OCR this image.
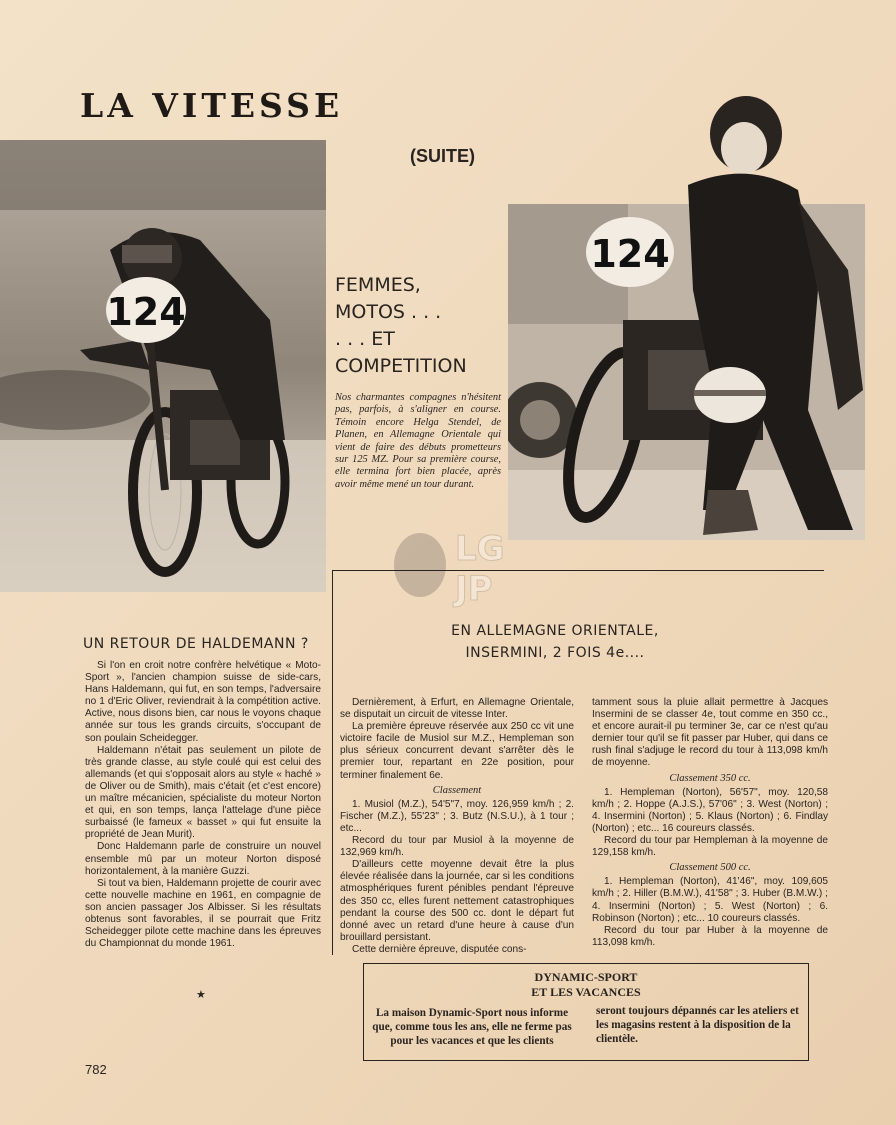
LA VITESSE
(SUITE)
124
FEMMES,
MOTOS . . .
. . . ET
COMPETITION
Nos charmantes compagnes n'hésitent pas, parfois, à s'aligner en course. Témoin encore Helga Stendel, de Planen, en Allemagne Orientale qui vient de faire des débuts prometteurs sur 125 MZ. Pour sa première course, elle termina fort bien placée, après avoir même mené un tour durant.
124
LG
JP
UN RETOUR DE HALDEMANN ?

Si l'on en croit notre confrère helvétique « Moto-Sport », l'ancien champion suisse de side-cars, Hans Haldemann, qui fut, en son temps, l'adversaire no 1 d'Eric Oliver, reviendrait à la compétition active. Active, nous disons bien, car nous le voyons chaque année sur tous les grands circuits, s'occupant de son poulain Scheidegger.

Haldemann n'était pas seulement un pilote de très grande classe, au style coulé qui est celui des allemands (et qui s'opposait alors au style « haché » de Oliver ou de Smith), mais c'était (et c'est encore) un maître mécanicien, spécialiste du moteur Norton et qui, en son temps, lança l'attelage d'une pièce surbaissé (le fameux « basset » qui fut ensuite la propriété de Jean Murit).

Donc Haldemann parle de construire un nouvel ensemble mû par un moteur Norton disposé horizontalement, à la manière Guzzi.

Si tout va bien, Haldemann projette de courir avec cette nouvelle machine en 1961, en compagnie de son ancien passager Jos Albisser. Si les résultats obtenus sont favorables, il se pourrait que Fritz Scheidegger pilote cette machine dans les épreuves du Championnat du monde 1961.

★
EN ALLEMAGNE ORIENTALE,
INSERMINI, 2 FOIS 4e....

Dernièrement, à Erfurt, en Allemagne Orientale, se disputait un circuit de vitesse Inter.

La première épreuve réservée aux 250 cc vit une victoire facile de Musiol sur M.Z., Hempleman son plus sérieux concurrent devant s'arrêter dès le premier tour, repartant en 22e position, pour terminer finalement 6e.

Classement

1. Musiol (M.Z.), 54'5"7, moy. 126,959 km/h ; 2. Fischer (M.Z.), 55'23" ; 3. Butz (N.S.U.), à 1 tour ; etc...

Record du tour par Musiol à la moyenne de 132,969 km/h.

D'ailleurs cette moyenne devait être la plus élevée réalisée dans la journée, car si les conditions atmosphériques furent pénibles pendant l'épreuve des 350 cc, elles furent nettement catastrophiques pendant la course des 500 cc. dont le départ fut donné avec un retard d'une heure à cause d'un brouillard persistant.

Cette dernière épreuve, disputée cons-

tamment sous la pluie allait permettre à Jacques Insermini de se classer 4e, tout comme en 350 cc., et encore aurait-il pu terminer 3e, car ce n'est qu'au dernier tour qu'il se fit passer par Huber, qui dans ce rush final s'adjuge le record du tour à 113,098 km/h de moyenne.

Classement 350 cc.

1. Hempleman (Norton), 56'57", moy. 120,58 km/h ; 2. Hoppe (A.J.S.), 57'06" ; 3. West (Norton) ; 4. Insermini (Norton) ; 5. Klaus (Norton) ; 6. Findlay (Norton) ; etc... 16 coureurs classés.

Record du tour par Hempleman à la moyenne de 129,158 km/h.

Classement 500 cc.

1. Hempleman (Norton), 41'46", moy. 109,605 km/h ; 2. Hiller (B.M.W.), 41'58" ; 3. Huber (B.M.W.) ; 4. Insermini (Norton) ; 5. West (Norton) ; 6. Robinson (Norton) ; etc... 10 coureurs classés.

Record du tour par Huber à la moyenne de 113,098 km/h.

DYNAMIC-SPORT
ET LES VACANCES
La maison Dynamic-Sport nous informe que, comme tous les ans, elle ne ferme pas pour les vacances et que les clients
seront toujours dépannés car les ateliers et les magasins restent à la disposition de la clientèle.
782
